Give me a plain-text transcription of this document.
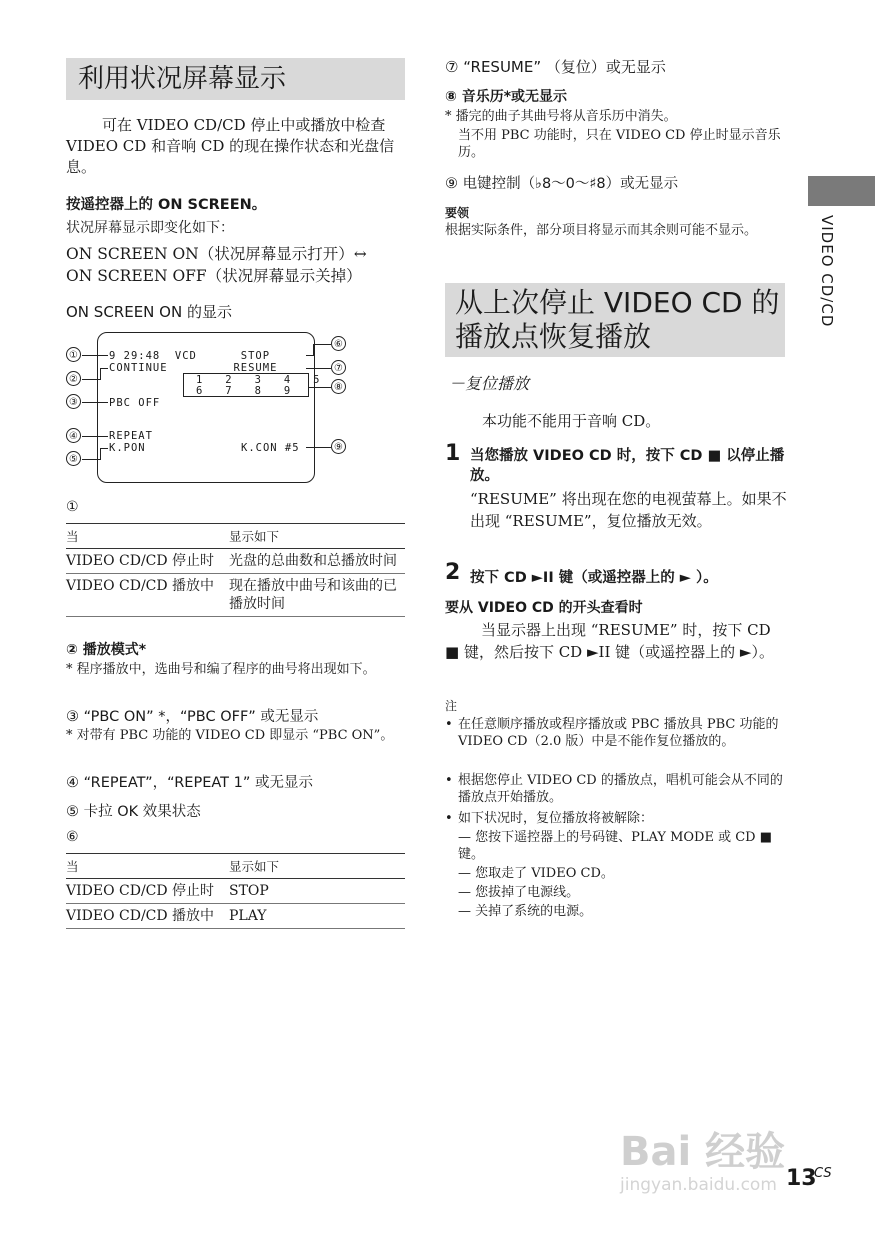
利用状况屏幕显示
可在 VIDEO CD/CD 停止中或播放中检查 VIDEO CD 和音响 CD 的现在操作状态和光盘信息。
按遥控器上的 ON SCREEN。
状况屏幕显示即变化如下：
ON SCREEN ON（状况屏幕显示打开）↔
ON SCREEN OFF（状况屏幕显示关掉）
ON SCREEN ON 的显示
9 29:48  VCD      STOP
CONTINUE         RESUME
1   2   3   4   5
6   7   8   9
PBC OFF
REPEAT
K.PON	K.CON #5
①
②
③
④
⑤
⑥
⑦
⑧
⑨
①
当	显示如下
VIDEO CD/CD 停止时	光盘的总曲数和总播放时间
VIDEO CD/CD 播放中	现在播放中曲号和该曲的已播放时间
② 播放模式*
* 程序播放中，选曲号和编了程序的曲号将出现如下。
③ “PBC ON” *，“PBC OFF” 或无显示
* 对带有 PBC 功能的 VIDEO CD 即显示 “PBC ON”。
④ “REPEAT”，“REPEAT 1” 或无显示
⑤ 卡拉 OK 效果状态
⑥
当	显示如下
VIDEO CD/CD 停止时	STOP
VIDEO CD/CD 播放中	PLAY
⑦ “RESUME” （复位）或无显示
⑧ 音乐历*或无显示
* 播完的曲子其曲号将从音乐历中消失。
当不用 PBC 功能时，只在 VIDEO CD 停止时显示音乐历。
⑨ 电键控制（♭8～0～♯8）或无显示
要领
根据实际条件，部分项目将显示而其余则可能不显示。
从上次停止 VIDEO CD 的播放点恢复播放
－复位播放
本功能不能用于音响 CD。
1 当您播放 VIDEO CD 时，按下 CD ■ 以停止播放。
“RESUME” 将出现在您的电视萤幕上。如果不出现 “RESUME”，复位播放无效。
2 按下 CD ►II 键（或遥控器上的 ► ）。
要从 VIDEO CD 的开头查看时
当显示器上出现 “RESUME” 时，按下 CD ■ 键，然后按下 CD ►II 键（或遥控器上的 ►）。
注
• 在任意顺序播放或程序播放或 PBC 播放具 PBC 功能的 VIDEO CD（2.0 版）中是不能作复位播放的。
• 根据您停止 VIDEO CD 的播放点，唱机可能会从不同的播放点开始播放。
• 如下状况时，复位播放将被解除：
— 您按下遥控器上的号码键、PLAY MODE 或 CD ■ 键。
— 您取走了 VIDEO CD。
— 您拔掉了电源线。
— 关掉了系统的电源。
VIDEO CD/CD
Bai 经验
jingyan.baidu.com 13
CS
